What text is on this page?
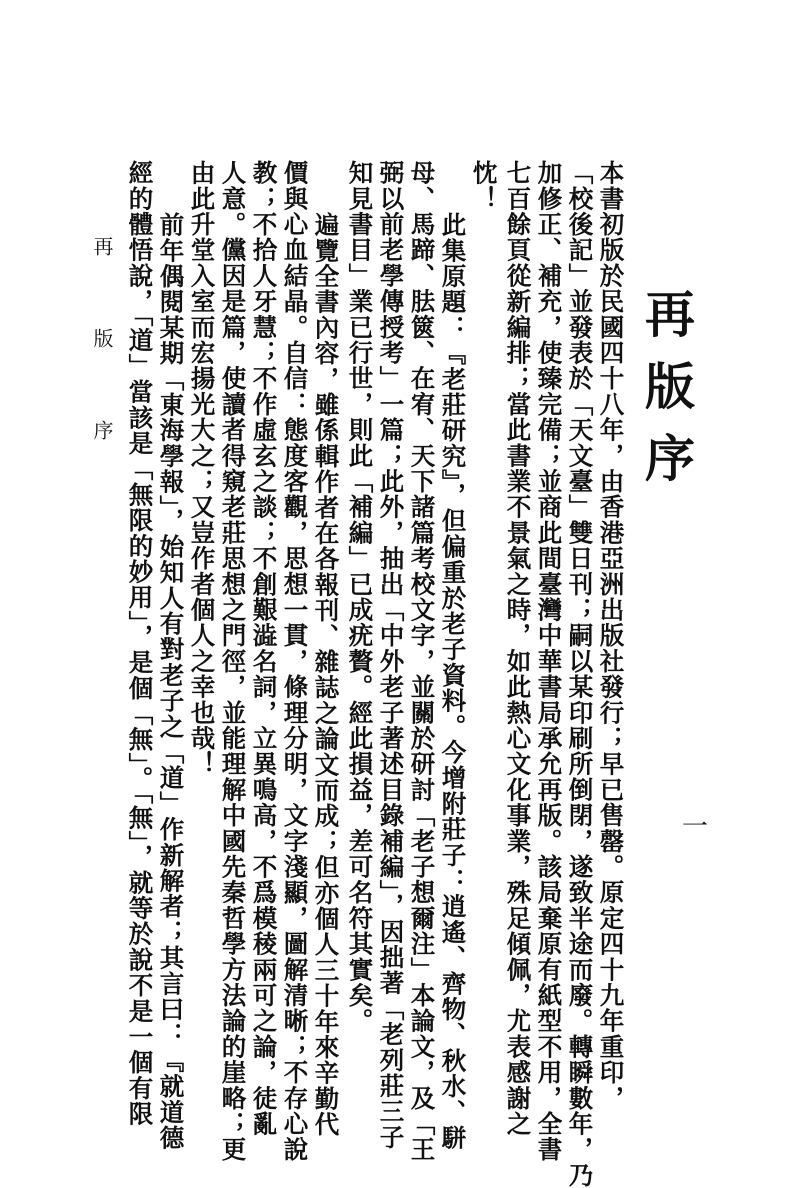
再版序
本書初版於民國四十八年，由香港亞洲出版社發行；早已售罄。原定四十九年重印，
「校後記」並發表於「天文臺」雙日刊；嗣以某印刷所倒閉，遂致半途而廢。轉瞬數年，乃
加修正、補充，使臻完備；並商此間臺灣中華書局承允再版。該局棄原有紙型不用，全書
七百餘頁從新編排；當此書業不景氣之時，如此熱心文化事業，殊足傾佩，尤表感謝之
忱！
此集原題：『老莊研究』，但偏重於老子資料。今增附莊子：逍遙、齊物、秋水、駢
母、馬蹄、胠篋、在宥、天下諸篇考校文字，並關於研討「老子想爾注」本論文，及「王
弼以前老學傳授考」一篇；此外，抽出「中外老子著述目錄補編」，因拙著「老列莊三子
知見書目」業已行世，則此「補編」已成疣贅。經此損益，差可名符其實矣。
遍覽全書內容，雖係輯作者在各報刊、雜誌之論文而成；但亦個人三十年來辛勤代
價與心血結晶。自信：態度客觀，思想一貫，條理分明，文字淺顯，圖解清晰；不存心說
教；不拾人牙慧；不作虛玄之談；不創艱澁名詞，立異鳴高，不爲模稜兩可之論，徒亂
人意。儻因是篇，使讀者得窺老莊思想之門徑，並能理解中國先秦哲學方法論的崖略；更
由此升堂入室而宏揚光大之；又豈作者個人之幸也哉！
前年偶閱某期「東海學報」，始知人有對老子之「道」作新解者；其言曰：『就道德
經的體悟說，「道」當該是「無限的妙用」，是個「無」。「無」，就等於說不是一個有限
再 版 序
一
